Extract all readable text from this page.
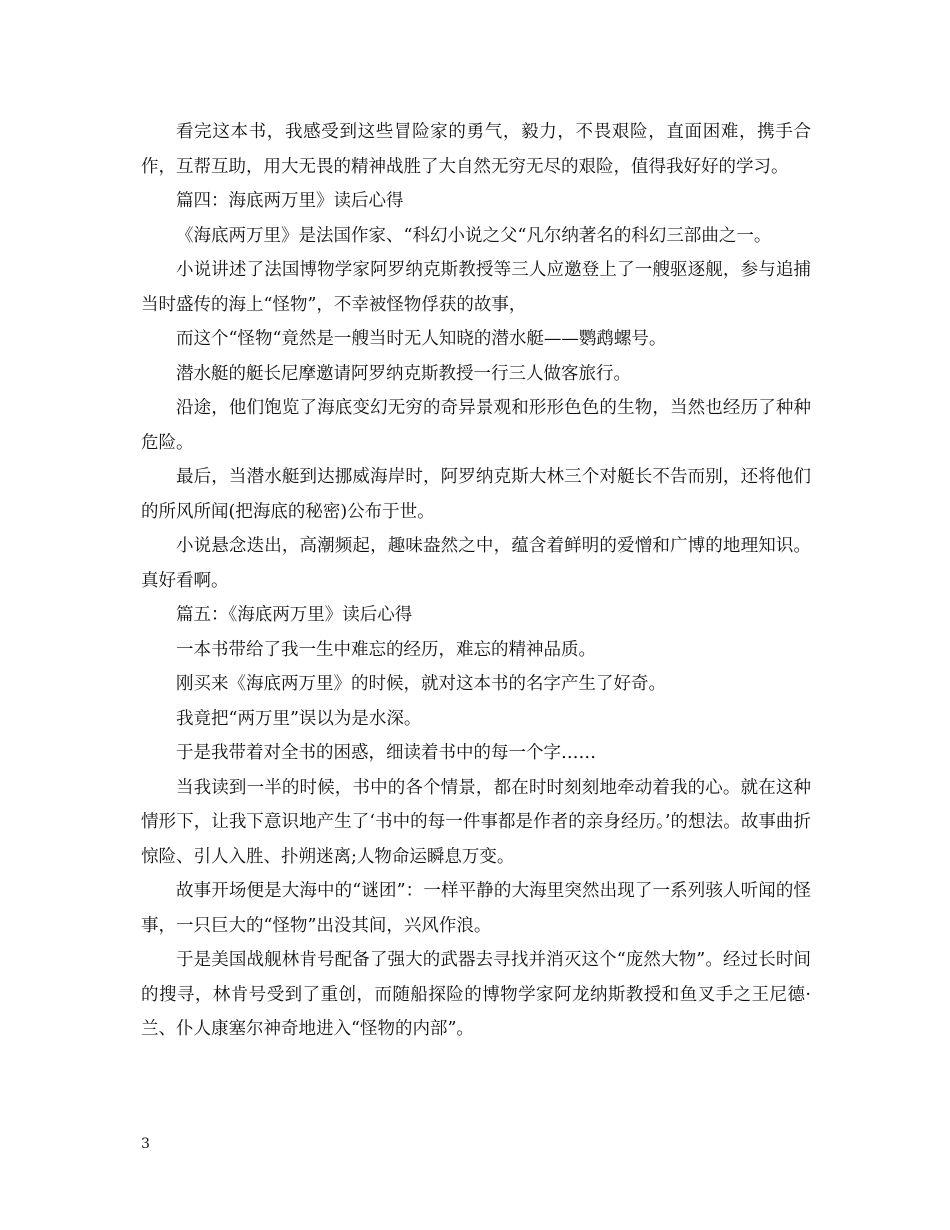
看完这本书，我感受到这些冒险家的勇气，毅力，不畏艰险，直面困难，携手合作，互帮互助，用大无畏的精神战胜了大自然无穷无尽的艰险，值得我好好的学习。

篇四：海底两万里》读后心得

《海底两万里》是法国作家、“科幻小说之父“凡尔纳著名的科幻三部曲之一。

小说讲述了法国博物学家阿罗纳克斯教授等三人应邀登上了一艘驱逐舰，参与追捕当时盛传的海上“怪物”，不幸被怪物俘获的故事，

而这个“怪物“竟然是一艘当时无人知晓的潜水艇——鹦鹉螺号。

潜水艇的艇长尼摩邀请阿罗纳克斯教授一行三人做客旅行。

沿途，他们饱览了海底变幻无穷的奇异景观和形形色色的生物，当然也经历了种种危险。

最后，当潜水艇到达挪威海岸时，阿罗纳克斯大林三个对艇长不告而别，还将他们的所风所闻(把海底的秘密)公布于世。

小说悬念迭出，高潮频起，趣味盎然之中，蕴含着鲜明的爱憎和广博的地理知识。真好看啊。

篇五：《海底两万里》读后心得

一本书带给了我一生中难忘的经历，难忘的精神品质。

刚买来《海底两万里》的时候，就对这本书的名字产生了好奇。

我竟把“两万里”误以为是水深。

于是我带着对全书的困惑，细读着书中的每一个字……

当我读到一半的时候，书中的各个情景，都在时时刻刻地牵动着我的心。就在这种情形下，让我下意识地产生了‘书中的每一件事都是作者的亲身经历。’的想法。故事曲折惊险、引人入胜、扑朔迷离;人物命运瞬息万变。

故事开场便是大海中的“谜团”：一样平静的大海里突然出现了一系列骇人听闻的怪事，一只巨大的“怪物”出没其间，兴风作浪。

于是美国战舰林肯号配备了强大的武器去寻找并消灭这个“庞然大物”。经过长时间的搜寻，林肯号受到了重创，而随船探险的博物学家阿龙纳斯教授和鱼叉手之王尼德·兰、仆人康塞尔神奇地进入“怪物的内部”。

3
